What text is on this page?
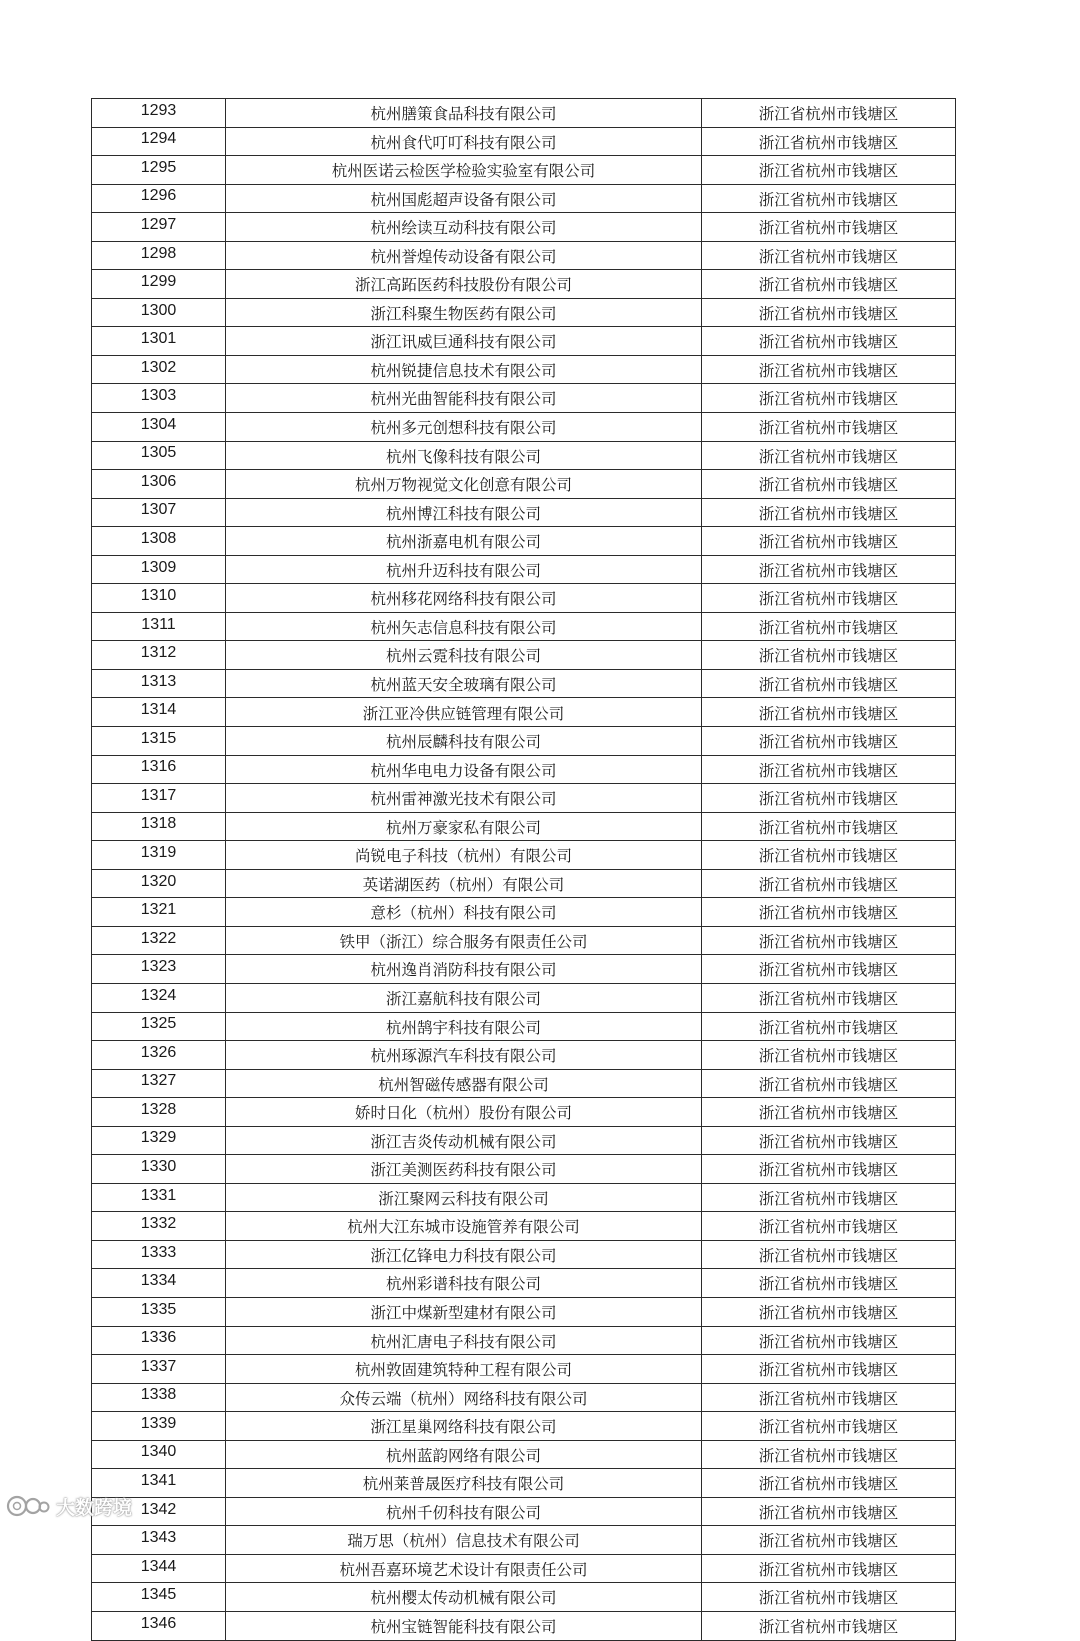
1293	杭州膳策食品科技有限公司	浙江省杭州市钱塘区
1294	杭州食代叮叮科技有限公司	浙江省杭州市钱塘区
1295	杭州医诺云检医学检验实验室有限公司	浙江省杭州市钱塘区
1296	杭州国彪超声设备有限公司	浙江省杭州市钱塘区
1297	杭州绘读互动科技有限公司	浙江省杭州市钱塘区
1298	杭州誉煌传动设备有限公司	浙江省杭州市钱塘区
1299	浙江高跖医药科技股份有限公司	浙江省杭州市钱塘区
1300	浙江科聚生物医药有限公司	浙江省杭州市钱塘区
1301	浙江讯威巨通科技有限公司	浙江省杭州市钱塘区
1302	杭州锐捷信息技术有限公司	浙江省杭州市钱塘区
1303	杭州光曲智能科技有限公司	浙江省杭州市钱塘区
1304	杭州多元创想科技有限公司	浙江省杭州市钱塘区
1305	杭州飞像科技有限公司	浙江省杭州市钱塘区
1306	杭州万物视觉文化创意有限公司	浙江省杭州市钱塘区
1307	杭州博江科技有限公司	浙江省杭州市钱塘区
1308	杭州浙嘉电机有限公司	浙江省杭州市钱塘区
1309	杭州升迈科技有限公司	浙江省杭州市钱塘区
1310	杭州移花网络科技有限公司	浙江省杭州市钱塘区
1311	杭州矢志信息科技有限公司	浙江省杭州市钱塘区
1312	杭州云霓科技有限公司	浙江省杭州市钱塘区
1313	杭州蓝天安全玻璃有限公司	浙江省杭州市钱塘区
1314	浙江亚冷供应链管理有限公司	浙江省杭州市钱塘区
1315	杭州辰麟科技有限公司	浙江省杭州市钱塘区
1316	杭州华电电力设备有限公司	浙江省杭州市钱塘区
1317	杭州雷神激光技术有限公司	浙江省杭州市钱塘区
1318	杭州万豪家私有限公司	浙江省杭州市钱塘区
1319	尚锐电子科技（杭州）有限公司	浙江省杭州市钱塘区
1320	英诺湖医药（杭州）有限公司	浙江省杭州市钱塘区
1321	意杉（杭州）科技有限公司	浙江省杭州市钱塘区
1322	铁甲（浙江）综合服务有限责任公司	浙江省杭州市钱塘区
1323	杭州逸肖消防科技有限公司	浙江省杭州市钱塘区
1324	浙江嘉航科技有限公司	浙江省杭州市钱塘区
1325	杭州鹄宇科技有限公司	浙江省杭州市钱塘区
1326	杭州琢源汽车科技有限公司	浙江省杭州市钱塘区
1327	杭州智磁传感器有限公司	浙江省杭州市钱塘区
1328	娇时日化（杭州）股份有限公司	浙江省杭州市钱塘区
1329	浙江吉炎传动机械有限公司	浙江省杭州市钱塘区
1330	浙江美测医药科技有限公司	浙江省杭州市钱塘区
1331	浙江聚网云科技有限公司	浙江省杭州市钱塘区
1332	杭州大江东城市设施管养有限公司	浙江省杭州市钱塘区
1333	浙江亿锋电力科技有限公司	浙江省杭州市钱塘区
1334	杭州彩谱科技有限公司	浙江省杭州市钱塘区
1335	浙江中煤新型建材有限公司	浙江省杭州市钱塘区
1336	杭州汇唐电子科技有限公司	浙江省杭州市钱塘区
1337	杭州敦固建筑特种工程有限公司	浙江省杭州市钱塘区
1338	众传云端（杭州）网络科技有限公司	浙江省杭州市钱塘区
1339	浙江星巢网络科技有限公司	浙江省杭州市钱塘区
1340	杭州蓝韵网络有限公司	浙江省杭州市钱塘区
1341	杭州莱普晟医疗科技有限公司	浙江省杭州市钱塘区
1342	杭州千仞科技有限公司	浙江省杭州市钱塘区
1343	瑞万思（杭州）信息技术有限公司	浙江省杭州市钱塘区
1344	杭州吾嘉环境艺术设计有限责任公司	浙江省杭州市钱塘区
1345	杭州樱太传动机械有限公司	浙江省杭州市钱塘区
1346	杭州宝链智能科技有限公司	浙江省杭州市钱塘区
大数跨境
